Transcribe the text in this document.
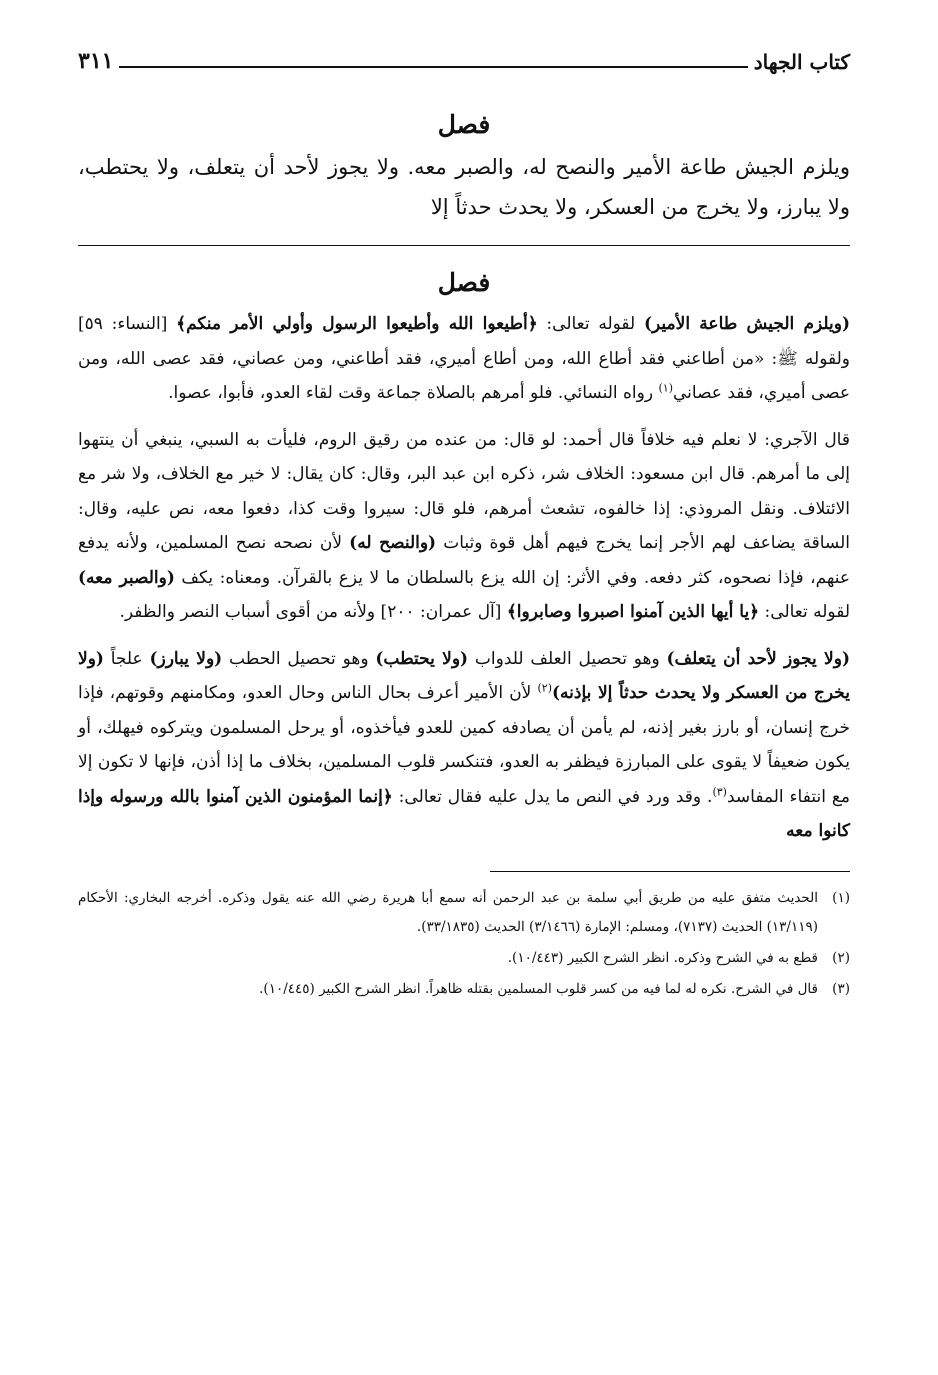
كتاب الجهاد
٣١١
فصل

ويلزم الجيش طاعة الأمير والنصح له، والصبر معه. ولا يجوز لأحد أن يتعلف، ولا يحتطب، ولا يبارز، ولا يخرج من العسكر، ولا يحدث حدثاً إلا

فصل

(ويلزم الجيش طاعة الأمير) لقوله تعالى: ﴿أطيعوا الله وأطيعوا الرسول وأولي الأمر منكم﴾ [النساء: ٥٩] ولقوله ﷺ: «من أطاعني فقد أطاع الله، ومن أطاع أميري، فقد أطاعني، ومن عصاني، فقد عصى الله، ومن عصى أميري، فقد عصاني$^{(١)}$ رواه النسائي. فلو أمرهم بالصلاة جماعة وقت لقاء العدو، فأبوا، عصوا.

قال الآجري: لا نعلم فيه خلافاً قال أحمد: لو قال: من عنده من رقيق الروم، فليأت به السبي، ينبغي أن ينتهوا إلى ما أمرهم. قال ابن مسعود: الخلاف شر، ذكره ابن عبد البر، وقال: كان يقال: لا خير مع الخلاف، ولا شر مع الائتلاف. ونقل المروذي: إذا خالفوه، تشعث أمرهم، فلو قال: سيروا وقت كذا، دفعوا معه، نص عليه، وقال: الساقة يضاعف لهم الأجر إنما يخرج فيهم أهل قوة وثبات (والنصح له) لأن نصحه نصح المسلمين، ولأنه يدفع عنهم، فإذا نصحوه، كثر دفعه. وفي الأثر: إن الله يزع بالسلطان ما لا يزع بالقرآن. ومعناه: يكف (والصبر معه) لقوله تعالى: ﴿يا أيها الذين آمنوا اصبروا وصابروا﴾ [آل عمران: ٢٠٠] ولأنه من أقوى أسباب النصر والظفر.

(ولا يجوز لأحد أن يتعلف) وهو تحصيل العلف للدواب (ولا يحتطب) وهو تحصيل الحطب (ولا يبارز) علجاً (ولا يخرج من العسكر ولا يحدث حدثاً إلا بإذنه)$^{(٢)}$ لأن الأمير أعرف بحال الناس وحال العدو، ومكامنهم وقوتهم، فإذا خرج إنسان، أو بارز بغير إذنه، لم يأمن أن يصادفه كمين للعدو فيأخذوه، أو يرحل المسلمون ويتركوه فيهلك، أو يكون ضعيفاً لا يقوى على المبارزة فيظفر به العدو، فتنكسر قلوب المسلمين، بخلاف ما إذا أذن، فإنها لا تكون إلا مع انتفاء المفاسد$^{(٣)}$. وقد ورد في النص ما يدل عليه فقال تعالى: ﴿إنما المؤمنون الذين آمنوا بالله ورسوله وإذا كانوا معه

(١)
الحديث متفق عليه من طريق أبي سلمة بن عبد الرحمن أنه سمع أبا هريرة رضي الله عنه يقول وذكره. أخرجه البخاري: الأحكام (١٣/١١٩) الحديث (٧١٣٧)، ومسلم: الإمارة (٣/١٤٦٦) الحديث (٣٣/١٨٣٥).
(٢)
قطع به في الشرح وذكره. انظر الشرح الكبير (١٠/٤٤٣).
(٣)
قال في الشرح. نكره له لما فيه من كسر قلوب المسلمين بقتله ظاهراً. انظر الشرح الكبير (١٠/٤٤٥).
